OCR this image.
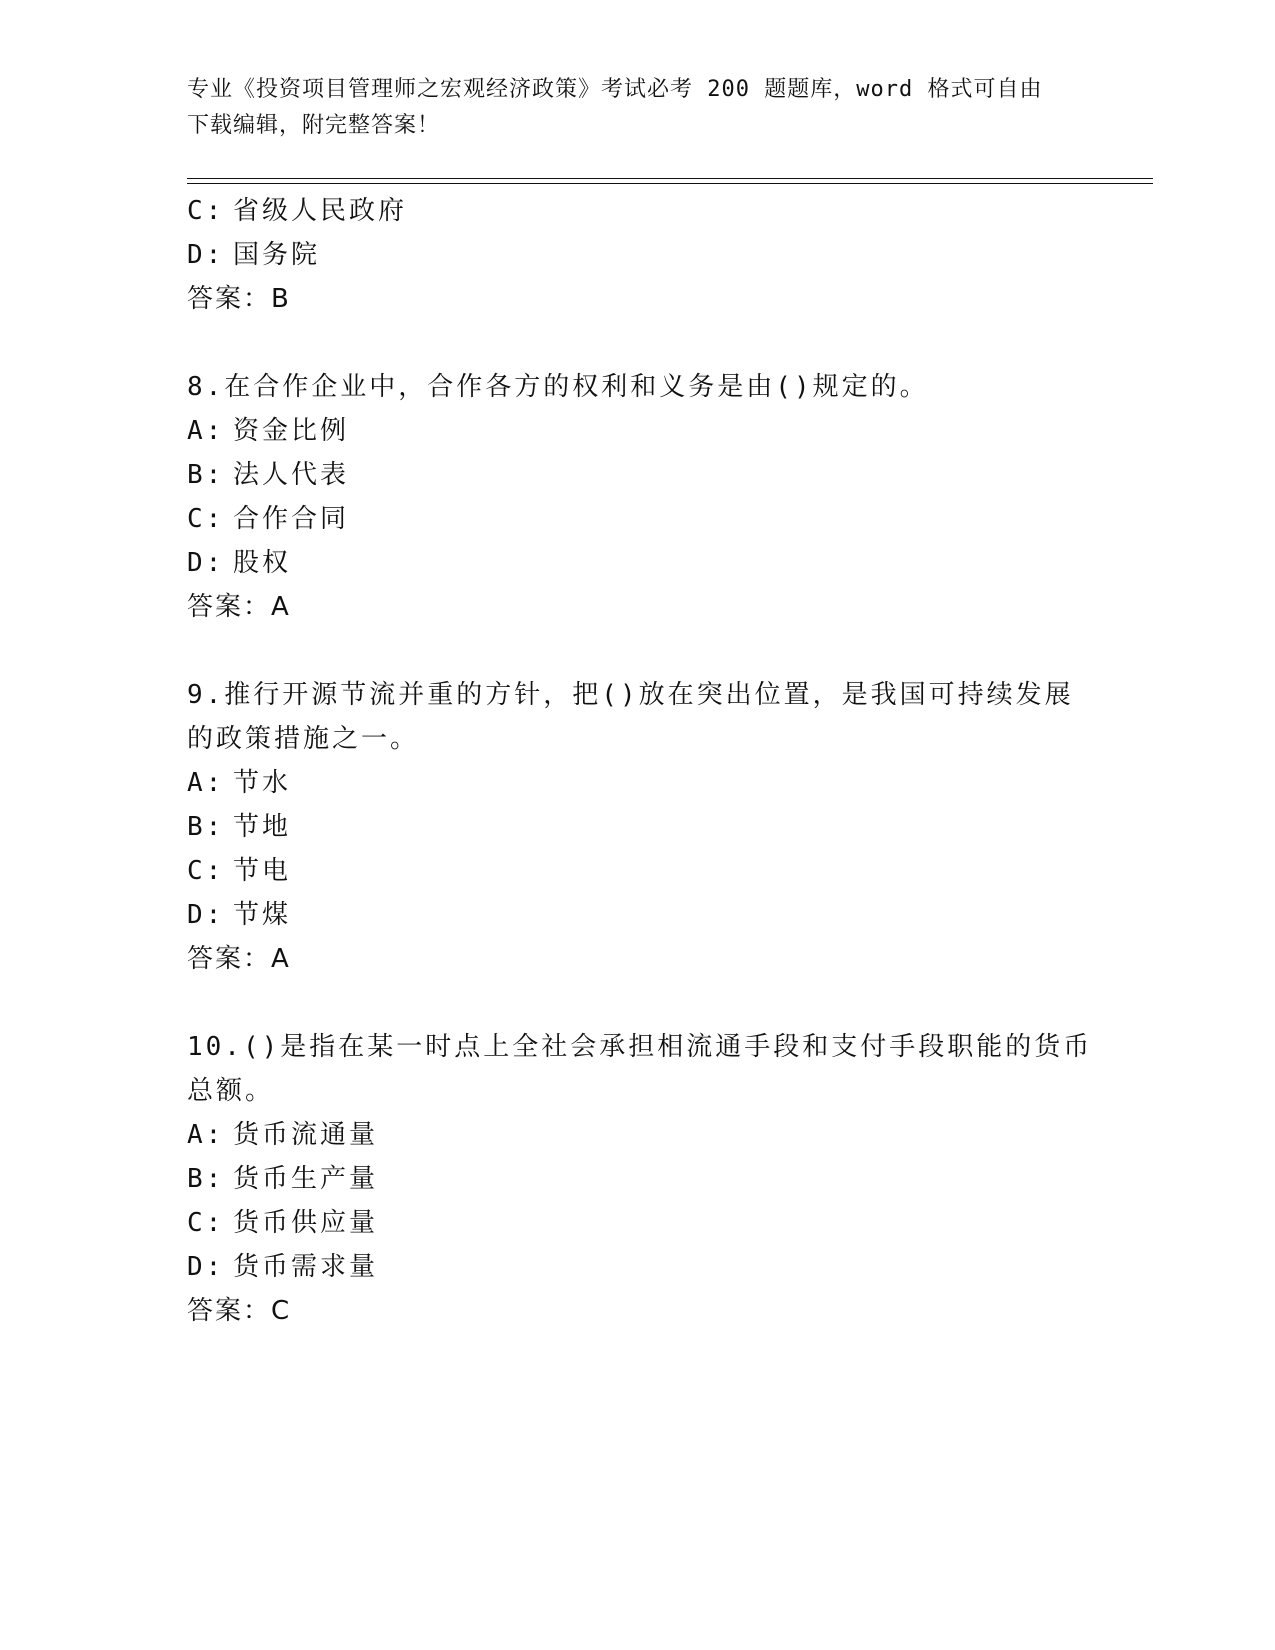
专业《投资项目管理师之宏观经济政策》考试必考 200 题题库，word 格式可自由
下载编辑，附完整答案！
C: 省级人民政府
D: 国务院
答案：B
8.在合作企业中，合作各方的权利和义务是由()规定的。
A: 资金比例
B: 法人代表
C: 合作合同
D: 股权
答案：A
9.推行开源节流并重的方针，把()放在突出位置，是我国可持续发展
的政策措施之一。
A: 节水
B: 节地
C: 节电
D: 节煤
答案：A
10.()是指在某一时点上全社会承担相流通手段和支付手段职能的货币
总额。
A: 货币流通量
B: 货币生产量
C: 货币供应量
D: 货币需求量
答案：C
